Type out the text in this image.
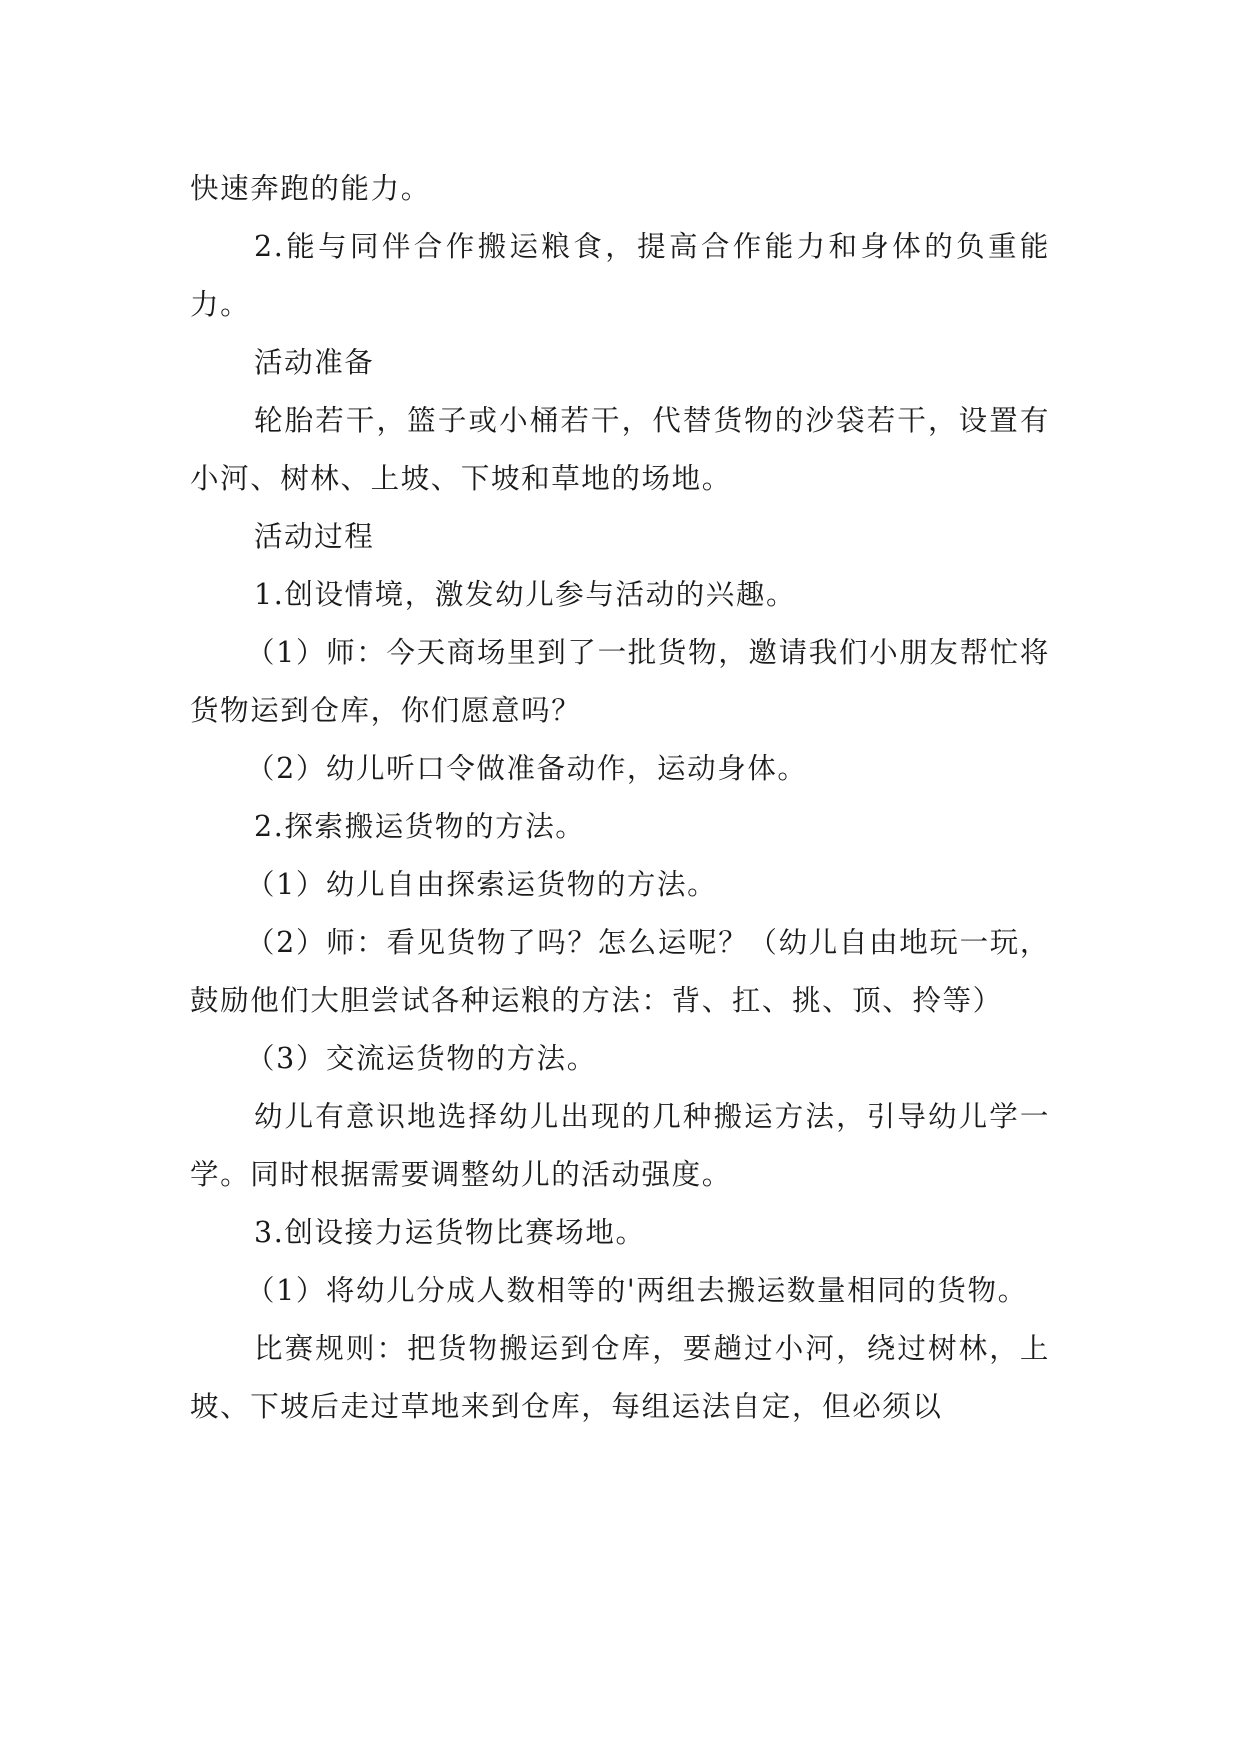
快速奔跑的能力。

2.能与同伴合作搬运粮食，提高合作能力和身体的负重能力。

活动准备

轮胎若干，篮子或小桶若干，代替货物的沙袋若干，设置有小河、树林、上坡、下坡和草地的场地。

活动过程

1.创设情境，激发幼儿参与活动的兴趣。

（1）师：今天商场里到了一批货物，邀请我们小朋友帮忙将货物运到仓库，你们愿意吗？

（2）幼儿听口令做准备动作，运动身体。

2.探索搬运货物的方法。

（1）幼儿自由探索运货物的方法。

（2）师：看见货物了吗？怎么运呢？（幼儿自由地玩一玩，鼓励他们大胆尝试各种运粮的方法：背、扛、挑、顶、拎等）

（3）交流运货物的方法。

幼儿有意识地选择幼儿出现的几种搬运方法，引导幼儿学一学。同时根据需要调整幼儿的活动强度。

3.创设接力运货物比赛场地。

（1）将幼儿分成人数相等的'两组去搬运数量相同的货物。

比赛规则：把货物搬运到仓库，要趟过小河，绕过树林，上坡、下坡后走过草地来到仓库，每组运法自定，但必须以
